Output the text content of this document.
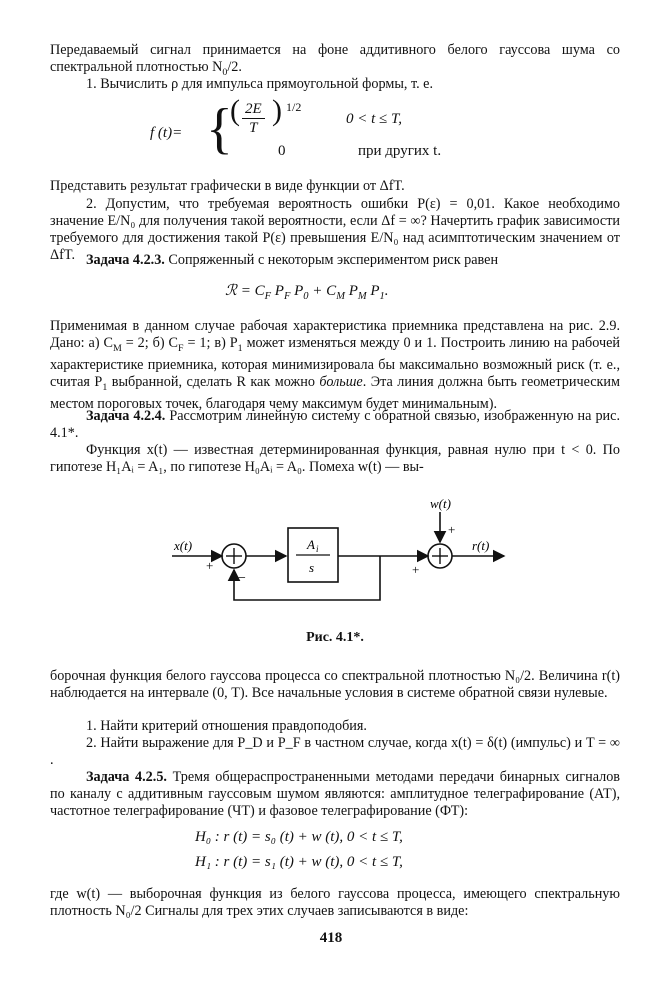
Передаваемый сигнал принимается на фоне аддитивного белого гауссова шума со спектральной плотностью $N_0/2$.
1. Вычислить ρ для импульса прямоугольной формы, т. е.
f (t)= {
( $\frac{2E}{T}$ ) 1/2
0 < t ≤ T,
0	при других t.
Представить результат графически в виде функции от ΔfT.
2. Допустим, что требуемая вероятность ошибки P(ε) = 0,01. Какое необходимо значение E/N₀ для получения такой вероятности, если Δf = ∞? Начертить график зависимости требуемого для достижения такой P(ε) превышения E/N₀ над асимптотическим значением от ΔfT. Задача 4.2.3. Сопряженный с некоторым экспериментом риск равен
ℛ = $C_F$ $P_F$ $P_0 + C_M$ $P_M$ $P_1$.
Применимая в данном случае рабочая характеристика приемника представлена на рис. 2.9. Дано: а) $C_M = 2$; б) $C_F = 1$; в) $P_1$ может изменяться между 0 и 1. Построить линию на рабочей характеристике приемника, которая минимизировала бы максимально возможный риск (т. е., считая $P_1$ выбранной, сделать R как можно больше. Эта линия должна быть геометрическим местом пороговых точек, благодаря чему максимум будет минимальным).
Задача 4.2.4. Рассмотрим линейную систему с обратной связью, изображенную на рис. 4.1*.
Функция x(t) — известная детерминированная функция, равная нулю при t < 0. По гипотезе H₁Aᵢ = A₁, по гипотезе H₀Aᵢ = A₀. Помеха w(t) — вы-
x(t)
+
A i
s	+
w(t)
+
r(t)
−
Рис. 4.1*.
борочная функция белого гауссова процесса со спектральной плотностью N₀/2. Величина r(t) наблюдается на интервале (0, T). Все начальные условия в системе обратной связи нулевые.
1. Найти критерий отношения правдоподобия.
2. Найти выражение для P_D и P_F в частном случае, когда x(t) = δ(t) (импульс) и T = ∞ .
Задача 4.2.5. Тремя общераспространенными методами передачи бинарных сигналов по каналу с аддитивным гауссовым шумом являются: амплитудное телеграфирование (АТ), частотное телеграфирование (ЧТ) и фазовое телеграфирование (ФТ):
H₀ : r (t) = s₀ (t) + w (t), 0 < t ≤ T,
H₁ : r (t) = s₁ (t) + w (t), 0 < t ≤ T,
где w(t) — выборочная функция из белого гауссова процесса, имеющего спектральную плотность N₀/2 Сигналы для трех этих случаев записываются в виде:
418
